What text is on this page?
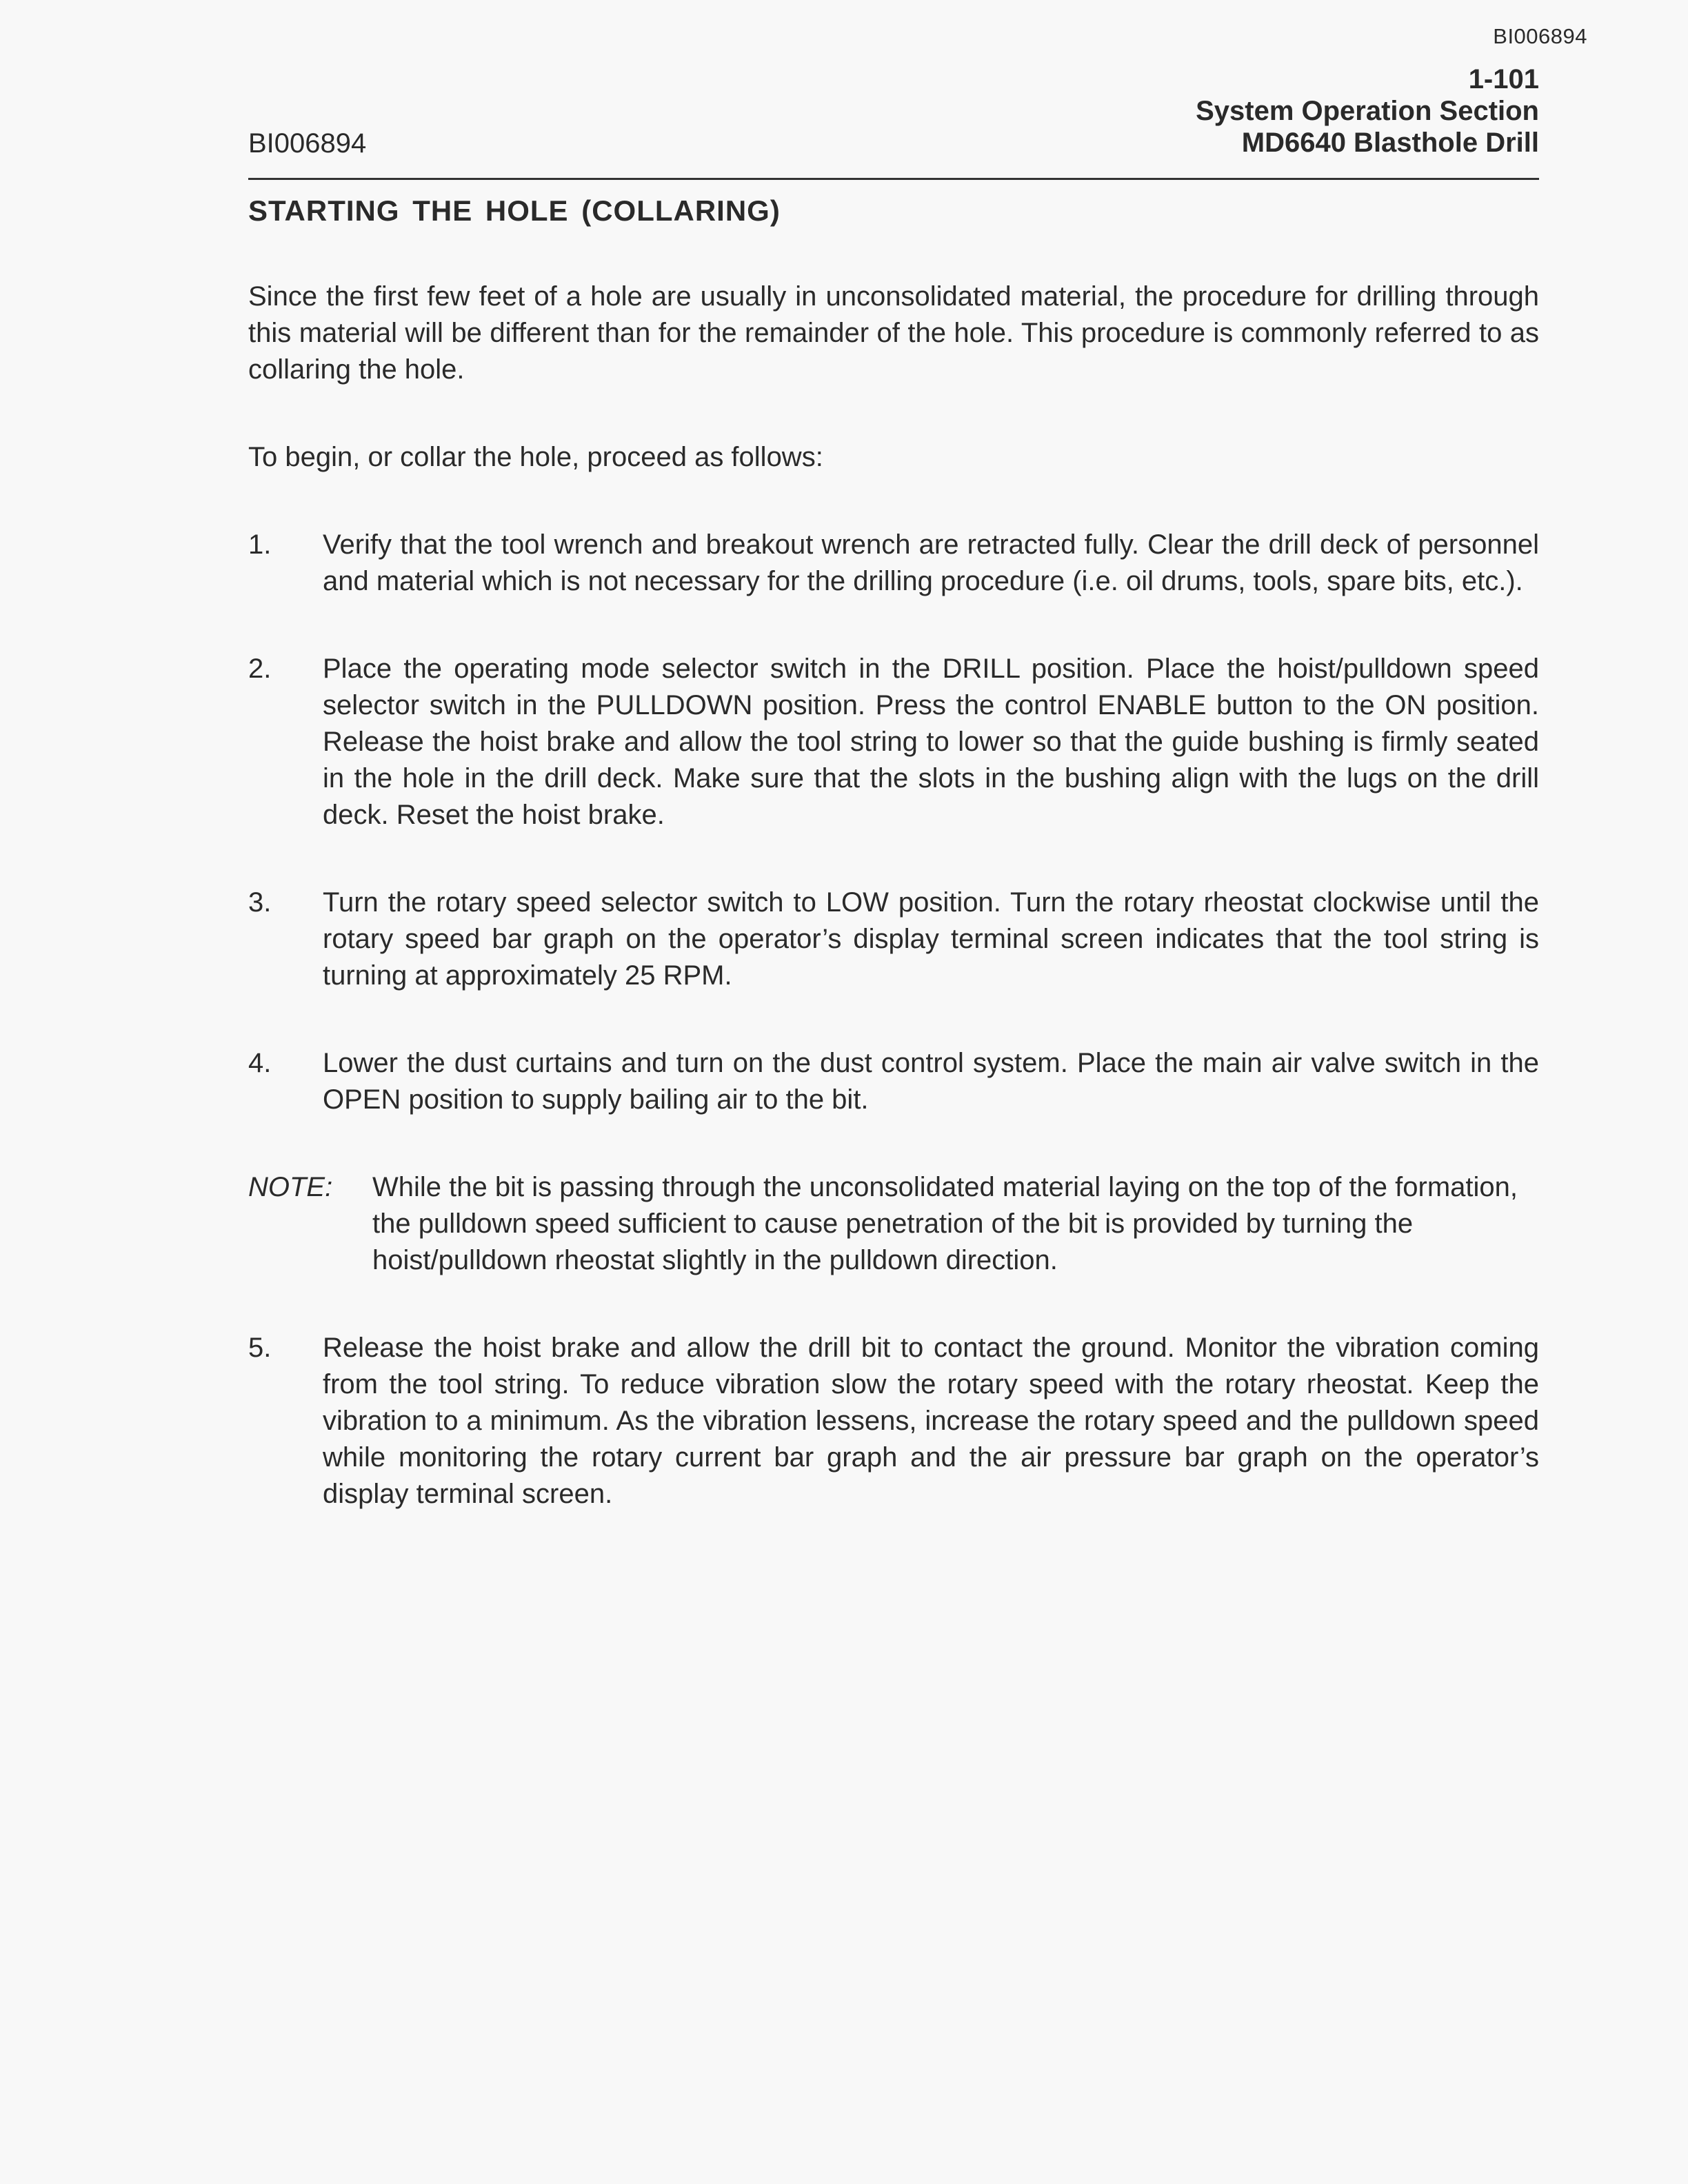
BI006894
BI006894
1-101
System Operation Section
MD6640 Blasthole Drill
STARTING THE HOLE (COLLARING)

Since the first few feet of a hole are usually in unconsolidated material, the procedure for drilling through this material will be different than for the remainder of the hole. This procedure is commonly referred to as collaring the hole.

To begin, or collar the hole, proceed as follows:

1. Verify that the tool wrench and breakout wrench are retracted fully. Clear the drill deck of personnel and material which is not necessary for the drilling procedure (i.e. oil drums, tools, spare bits, etc.).
2. Place the operating mode selector switch in the DRILL position. Place the hoist/pulldown speed selector switch in the PULLDOWN position. Press the control ENABLE button to the ON position. Release the hoist brake and allow the tool string to lower so that the guide bushing is firmly seated in the hole in the drill deck. Make sure that the slots in the bushing align with the lugs on the drill deck. Reset the hoist brake.
3. Turn the rotary speed selector switch to LOW position. Turn the rotary rheostat clockwise until the rotary speed bar graph on the operator’s display terminal screen indicates that the tool string is turning at approximately 25 RPM.
4. Lower the dust curtains and turn on the dust control system. Place the main air valve switch in the OPEN position to supply bailing air to the bit.
NOTE: While the bit is passing through the unconsolidated material laying on the top of the formation, the pulldown speed sufficient to cause penetration of the bit is provided by turning the hoist/pulldown rheostat slightly in the pulldown direction.
5. Release the hoist brake and allow the drill bit to contact the ground. Monitor the vibration coming from the tool string. To reduce vibration slow the rotary speed with the rotary rheostat. Keep the vibration to a minimum. As the vibration lessens, increase the rotary speed and the pulldown speed while monitoring the rotary current bar graph and the air pressure bar graph on the operator’s display terminal screen.
